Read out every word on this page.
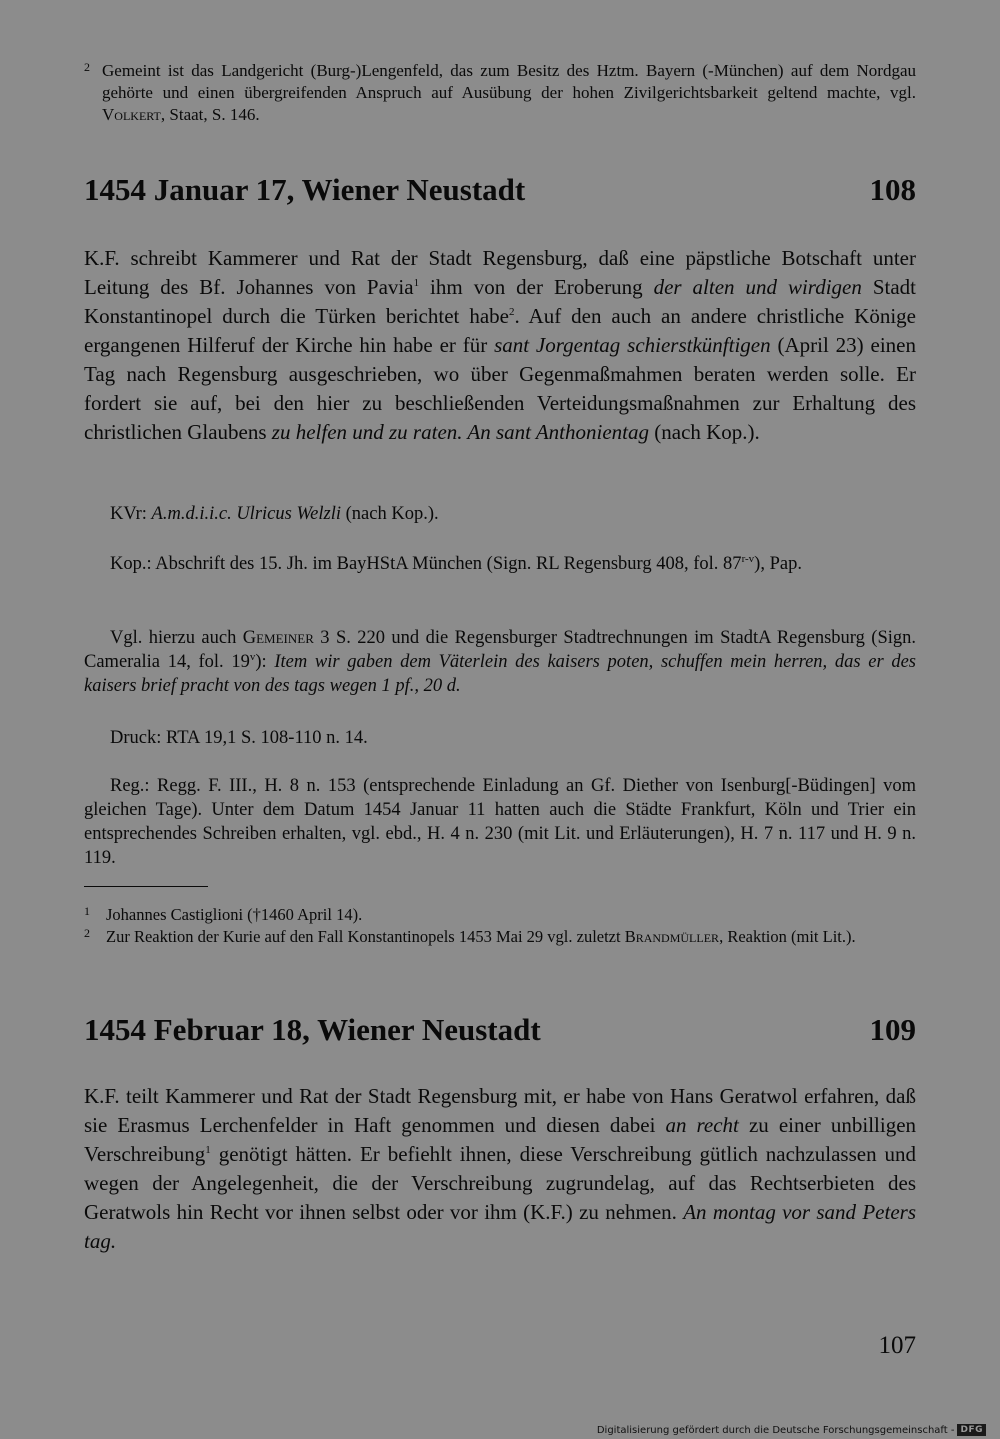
2 Gemeint ist das Landgericht (Burg-)Lengenfeld, das zum Besitz des Hztm. Bayern (-München) auf dem Nordgau gehörte und einen übergreifenden Anspruch auf Ausübung der hohen Zivilgerichtsbarkeit geltend machte, vgl. Volkert, Staat, S. 146.
1454 Januar 17, Wiener Neustadt	108
K.F. schreibt Kammerer und Rat der Stadt Regensburg, daß eine päpstliche Botschaft unter Leitung des Bf. Johannes von Pavia$^1$ ihm von der Eroberung der alten und wirdigen Stadt Konstantinopel durch die Türken berichtet habe$^2$. Auf den auch an andere christliche Könige ergangenen Hilferuf der Kirche hin habe er für sant Jorgentag schierstkünftigen (April 23) einen Tag nach Regensburg ausgeschrieben, wo über Gegenmaßmahmen beraten werden solle. Er fordert sie auf, bei den hier zu beschließenden Verteidungsmaßnahmen zur Erhaltung des christlichen Glaubens zu helfen und zu raten. An sant Anthonientag (nach Kop.).
KVr: A.m.d.i.i.c. Ulricus Welzli (nach Kop.).
Kop.: Abschrift des 15. Jh. im BayHStA München (Sign. RL Regensburg 408, fol. 87$^{r-v}$), Pap.
Vgl. hierzu auch Gemeiner 3 S. 220 und die Regensburger Stadtrechnungen im StadtA Regensburg (Sign. Cameralia 14, fol. 19$^v$): Item wir gaben dem Väterlein des kaisers poten, schuffen mein herren, das er des kaisers brief pracht von des tags wegen 1 pf., 20 d.
Druck: RTA 19,1 S. 108-110 n. 14.
Reg.: Regg. F. III., H. 8 n. 153 (entsprechende Einladung an Gf. Diether von Isenburg[-Büdingen] vom gleichen Tage). Unter dem Datum 1454 Januar 11 hatten auch die Städte Frankfurt, Köln und Trier ein entsprechendes Schreiben erhalten, vgl. ebd., H. 4 n. 230 (mit Lit. und Erläuterungen), H. 7 n. 117 und H. 9 n. 119.
1 Johannes Castiglioni (†1460 April 14).
2 Zur Reaktion der Kurie auf den Fall Konstantinopels 1453 Mai 29 vgl. zuletzt Brandmüller, Reaktion (mit Lit.).
1454 Februar 18, Wiener Neustadt	109
K.F. teilt Kammerer und Rat der Stadt Regensburg mit, er habe von Hans Geratwol erfahren, daß sie Erasmus Lerchenfelder in Haft genommen und diesen dabei an recht zu einer unbilligen Verschreibung$^1$ genötigt hätten. Er befiehlt ihnen, diese Verschreibung gütlich nachzulassen und wegen der Angelegenheit, die der Verschreibung zugrundelag, auf das Rechtserbieten des Geratwols hin Recht vor ihnen selbst oder vor ihm (K.F.) zu nehmen. An montag vor sand Peters tag.
107
Digitalisierung gefördert durch die Deutsche Forschungsgemeinschaft - DFG
